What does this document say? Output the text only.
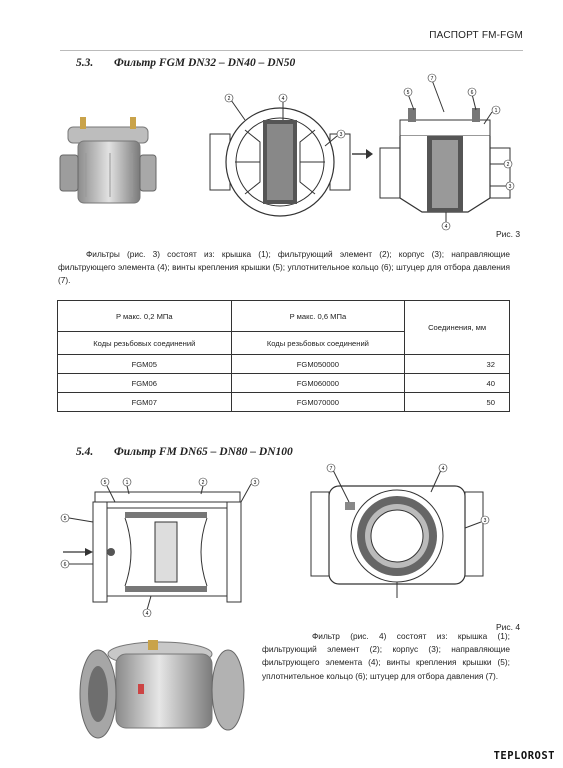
ПАСПОРТ FM-FGM
5.3. Фильтр FGM DN32 – DN40 – DN50
2	4
3
7
5	6
1
2
3
4
Рис. 3
Фильтры (рис. 3) состоят из: крышка (1); фильтрующий элемент (2); корпус (3); направляющие фильтрующего элемента (4); винты крепления крышки (5); уплотнительное кольцо (6); штуцер для отбора давления (7).
P макс. 0,2 МПа	P макс. 0,6 МПа	Соединения, мм
Коды резьбовых соединений	Коды резьбовых соединений	
FGM05	FGM050000	32
FGM06	FGM060000	40
FGM07	FGM070000	50
5.4. Фильтр FM DN65 – DN80 – DN100
5	1	3
2
5
6
4
7	4
3
Рис. 4
Фильтр (рис. 4) состоят из: крышка (1); фильтрующий элемент (2); корпус (3); направляющие фильтрующего элемента (4); винты крепления крышки (5); уплотнительное кольцо (6); штуцер для отбора давления (7).
TEPLOROST
